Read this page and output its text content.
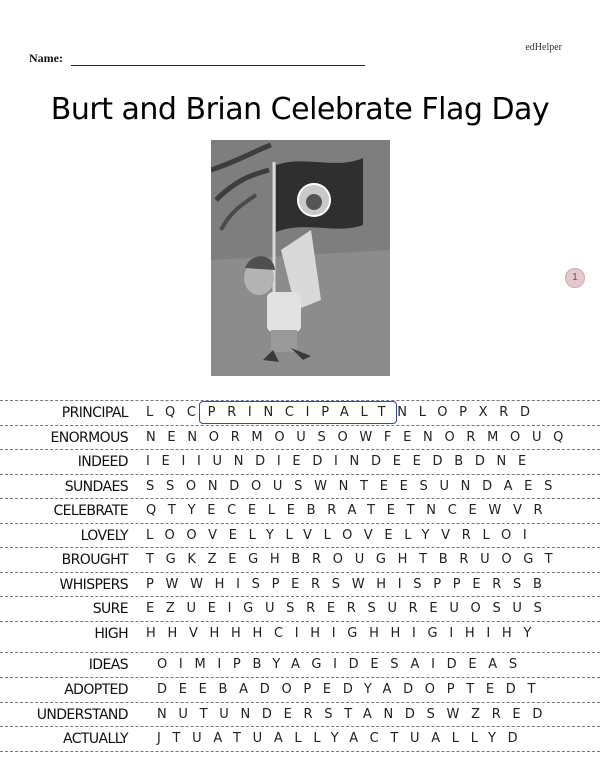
edHelper
Name:
Burt and Brian Celebrate Flag Day
1
PRINCIPAL LQCPRINCIPALTNLOPXRD
ENORMOUS NENORMOUSOWFENORMOUQ
INDEED IEIIUNDIEDINDEEDBDNE
SUNDAES SSONDOUSWNTEESUNDAES
CELEBRATE QTYECELEBRATETNCEWVR
LOVELY LOOVELYLVLOVELYVRLOI
BROUGHT TGKZEGHBROUGHTBRUOGT
WHISPERS PWWHISPERSWHISPPERSB
SURE EZUEIGUSRERSUREUOSUS
HIGH HHVHHHCIHIGHHIGIHIHY
IDEAS OIMIPBYAGIDESAIDEAS
ADOPTED DEEBADOPEDYADOPTEDT
UNDERSTAND NUTUNDERSTANDSWZRED
ACTUALLY JTUATUALLYACTUALLYD
